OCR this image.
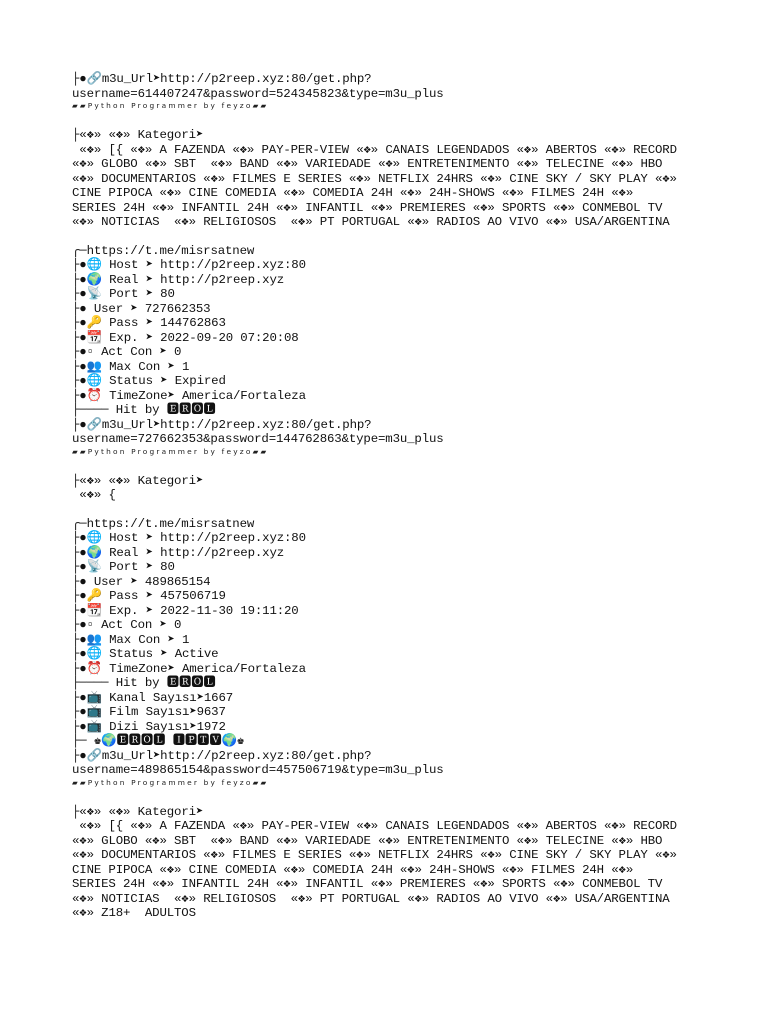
├●🔗m3u_Url➤http://p2reep.xyz:80/get.php?
username=614407247&password=524345823&type=m3u_plus
▰▰Python Programmer by feyzo▰▰
├«❖» «❖» Kategori➤
«❖» [{ «❖» A FAZENDA «❖» PAY-PER-VIEW «❖» CANAIS LEGENDADOS «❖» ABERTOS «❖» RECORD
«❖» GLOBO «❖» SBT  «❖» BAND «❖» VARIEDADE «❖» ENTRETENIMENTO «❖» TELECINE «❖» HBO
«❖» DOCUMENTARIOS «❖» FILMES E SERIES «❖» NETFLIX 24HRS «❖» CINE SKY / SKY PLAY «❖»
CINE PIPOCA «❖» CINE COMEDIA «❖» COMEDIA 24H «❖» 24H-SHOWS «❖» FILMES 24H «❖»
SERIES 24H «❖» INFANTIL 24H «❖» INFANTIL «❖» PREMIERES «❖» SPORTS «❖» CONMEBOL TV
«❖» NOTICIAS  «❖» RELIGIOSOS  «❖» PT PORTUGAL «❖» RADIOS AO VIVO «❖» USA/ARGENTINA
╭─https://t.me/misrsatnew
├●🌐 Host ➤ http://p2reep.xyz:80
├●🌍 Real ➤ http://p2reep.xyz
├●📡 Port ➤ 80
├● User ➤ 727662353
├●🔑 Pass ➤ 144762863
├●📆 Exp. ➤ 2022-09-20 07:20:08
├●▫ Act Con ➤ 0
├●👥 Max Con ➤ 1
├●🌐 Status ➤ Expired
├●⏰ TimeZone➤ America/Fortaleza
├──── Hit by 🅴🆁🅾🅻
├●🔗m3u_Url➤http://p2reep.xyz:80/get.php?
username=727662353&password=144762863&type=m3u_plus
▰▰Python Programmer by feyzo▰▰
├«❖» «❖» Kategori➤
«❖» {
╭─https://t.me/misrsatnew
├●🌐 Host ➤ http://p2reep.xyz:80
├●🌍 Real ➤ http://p2reep.xyz
├●📡 Port ➤ 80
├● User ➤ 489865154
├●🔑 Pass ➤ 457506719
├●📆 Exp. ➤ 2022-11-30 19:11:20
├●▫ Act Con ➤ 0
├●👥 Max Con ➤ 1
├●🌐 Status ➤ Active
├●⏰ TimeZone➤ America/Fortaleza
├──── Hit by 🅴🆁🅾🅻
├●📺 Kanal Sayısı➤1667
├●📺 Film Sayısı➤9637
├●📺 Dizi Sayısı➤1972
├─ ♚🌍🅴🆁🅾🅻 🅸🅿🆃🆅🌍♚
├●🔗m3u_Url➤http://p2reep.xyz:80/get.php?
username=489865154&password=457506719&type=m3u_plus
▰▰Python Programmer by feyzo▰▰
├«❖» «❖» Kategori➤
«❖» [{ «❖» A FAZENDA «❖» PAY-PER-VIEW «❖» CANAIS LEGENDADOS «❖» ABERTOS «❖» RECORD
«❖» GLOBO «❖» SBT  «❖» BAND «❖» VARIEDADE «❖» ENTRETENIMENTO «❖» TELECINE «❖» HBO
«❖» DOCUMENTARIOS «❖» FILMES E SERIES «❖» NETFLIX 24HRS «❖» CINE SKY / SKY PLAY «❖»
CINE PIPOCA «❖» CINE COMEDIA «❖» COMEDIA 24H «❖» 24H-SHOWS «❖» FILMES 24H «❖»
SERIES 24H «❖» INFANTIL 24H «❖» INFANTIL «❖» PREMIERES «❖» SPORTS «❖» CONMEBOL TV
«❖» NOTICIAS  «❖» RELIGIOSOS  «❖» PT PORTUGAL «❖» RADIOS AO VIVO «❖» USA/ARGENTINA
«❖» Z18+  ADULTOS
